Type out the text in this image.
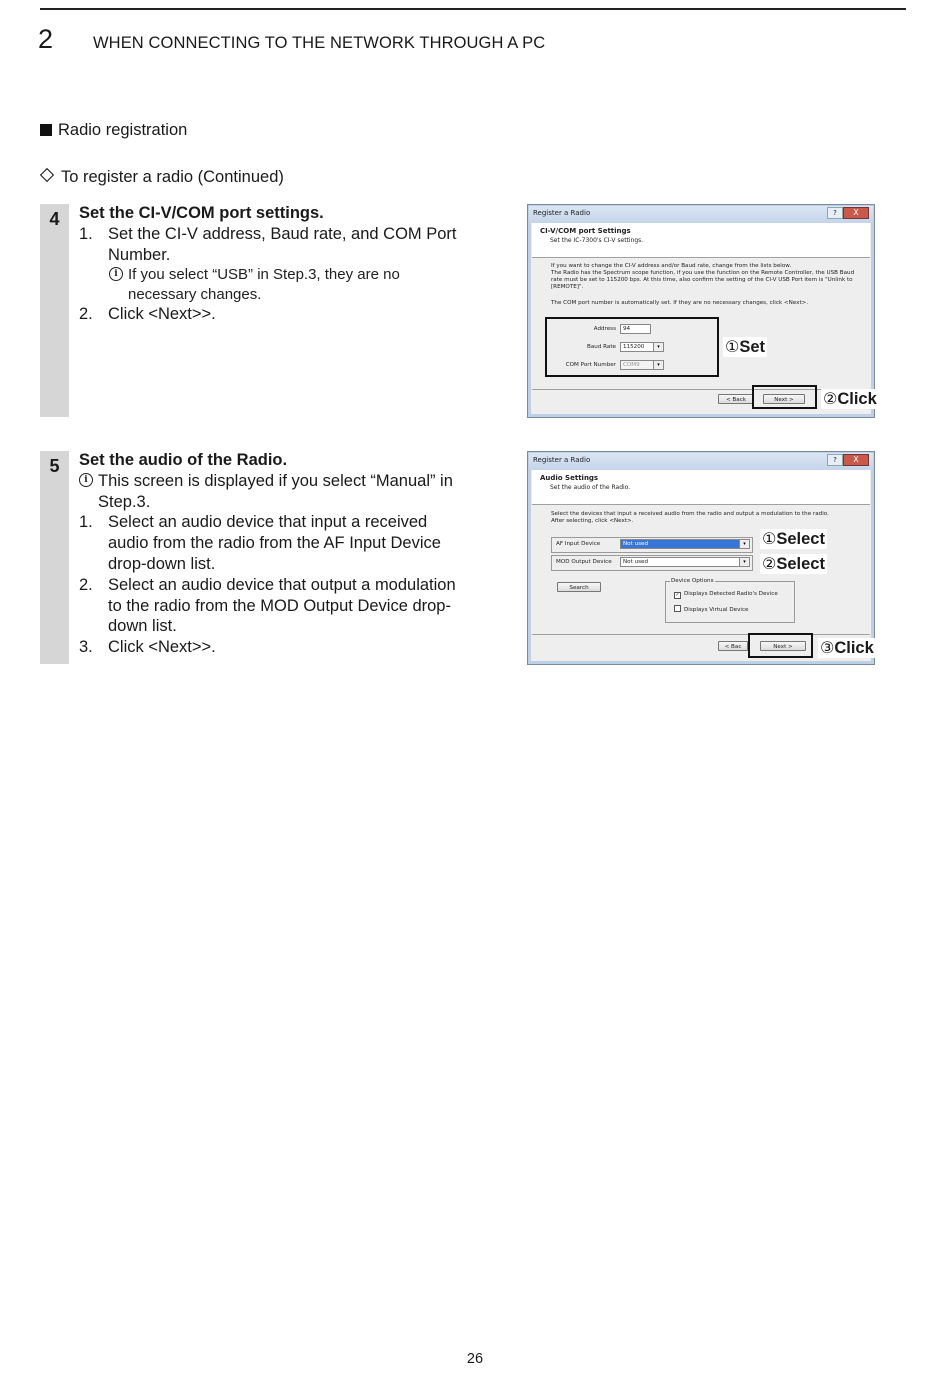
2 WHEN CONNECTING TO THE NETWORK THROUGH A PC
Radio registration
To register a radio (Continued)
4	Set the CI-V/COM port settings.
1. Set the CI-V address, Baud rate, and COM Port Number.
i If you select “USB” in Step.3, they are no necessary changes.
2. Click <Next>>.
Register a Radio	?	X
CI-V/COM port Settings
Set the IC-7300's CI-V settings.
If you want to change the CI-V address and/or Baud rate, change from the lists below.
The Radio has the Spectrum scope function, if you use the function on the Remote Controller, the USB Baud
rate must be set to 115200 bps. At this time, also confirm the setting of the CI-V USB Port item is "Unlink to
[REMOTE]".
The COM port number is automatically set. If they are no necessary changes, click <Next>.
Address	94
Baud Rate	115200	▾
COM Port Number	COM9	▾
< Back	Next >
①Set
②Click
5	Set the audio of the Radio.
i This screen is displayed if you select “Manual” in Step.3.
1. Select an audio device that input a received audio from the radio from the AF Input Device drop-down list.
2. Select an audio device that output a modulation to the radio from the MOD Output Device drop-down list.
3. Click <Next>>.
Register a Radio	?	X
Audio Settings
Set the audio of the Radio.
Select the devices that input a received audio from the radio and output a modulation to the radio.
After selecting, click <Next>.
AF Input Device	Not used	▾
MOD Output Device	Not used	▾
Search
Device Options
✓ Displays Detected Radio's Device
Displays Virtual Device
< Bac	Next >
①Select
②Select
③Click
26
